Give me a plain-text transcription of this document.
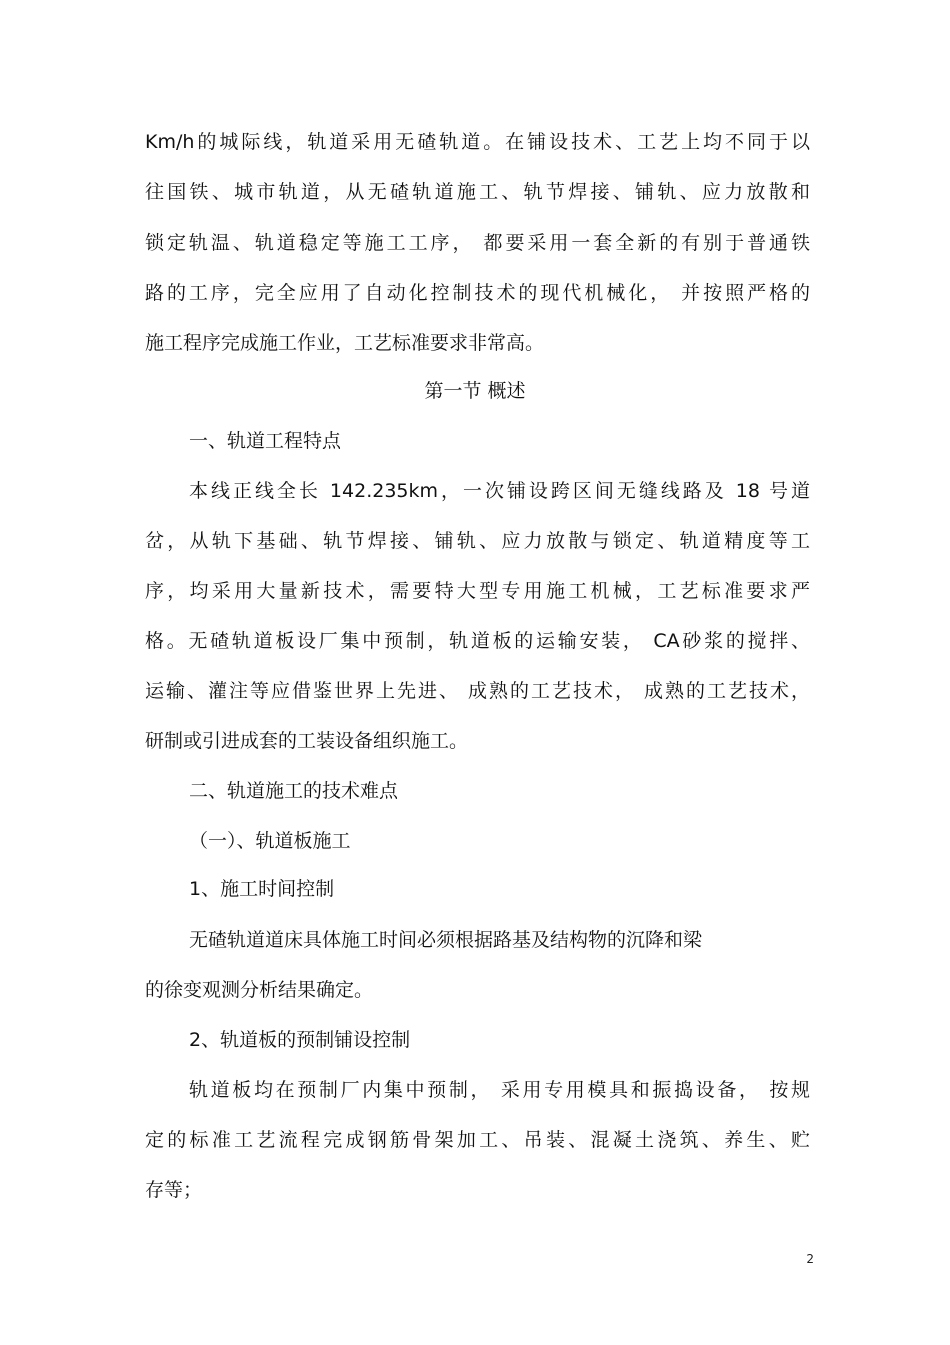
Km/h的城际线，轨道采用无碴轨道。在铺设技术、工艺上均不同于以
往国铁、城市轨道，从无碴轨道施工、轨节焊接、铺轨、应力放散和
锁定轨温、轨道稳定等施工工序， 都要采用一套全新的有别于普通铁
路的工序，完全应用了自动化控制技术的现代机械化， 并按照严格的
施工程序完成施工作业，工艺标准要求非常高。
第一节 概述
一、轨道工程特点
本线正线全长 142.235km，一次铺设跨区间无缝线路及 18 号道
岔，从轨下基础、轨节焊接、铺轨、应力放散与锁定、轨道精度等工
序，均采用大量新技术，需要特大型专用施工机械，工艺标准要求严
格。无碴轨道板设厂集中预制，轨道板的运输安装， CA砂浆的搅拌、
运输、灌注等应借鉴世界上先进、 成熟的工艺技术， 成熟的工艺技术，
研制或引进成套的工装设备组织施工。
二、轨道施工的技术难点
（一）、轨道板施工
1、施工时间控制
无碴轨道道床具体施工时间必须根据路基及结构物的沉降和梁
的徐变观测分析结果确定。
2、轨道板的预制铺设控制
轨道板均在预制厂内集中预制， 采用专用模具和振捣设备， 按规
定的标准工艺流程完成钢筋骨架加工、吊装、混凝土浇筑、养生、贮
存等；
2
